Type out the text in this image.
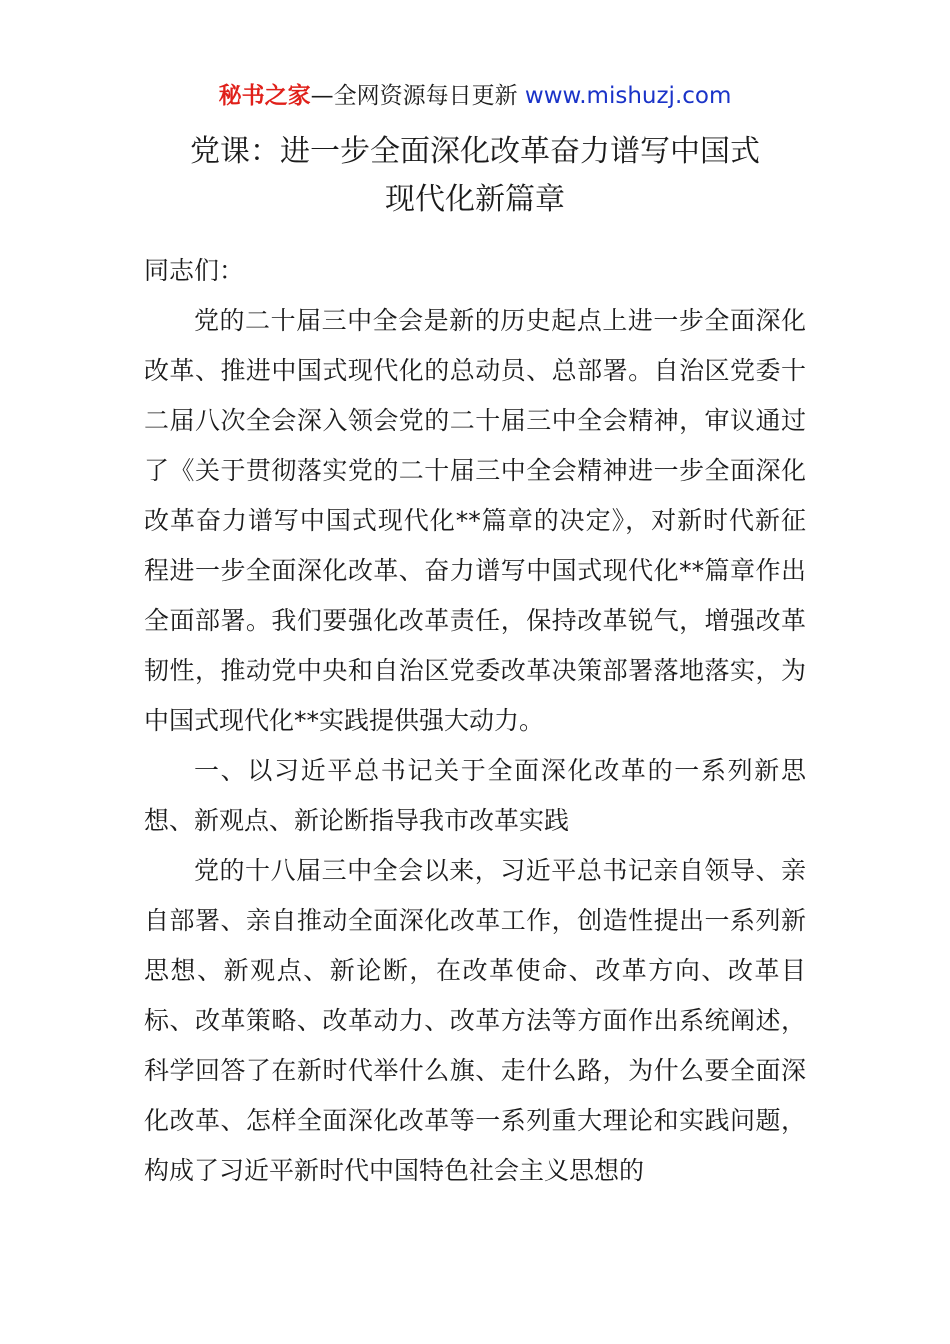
秘书之家—全网资源每日更新 www.mishuzj.com
党课：进一步全面深化改革奋力谱写中国式
现代化新篇章

同志们：

党的二十届三中全会是新的历史起点上进一步全面深化改革、推进中国式现代化的总动员、总部署。自治区党委十二届八次全会深入领会党的二十届三中全会精神，审议通过了《关于贯彻落实党的二十届三中全会精神进一步全面深化改革奋力谱写中国式现代化**篇章的决定》，对新时代新征程进一步全面深化改革、奋力谱写中国式现代化**篇章作出全面部署。我们要强化改革责任，保持改革锐气，增强改革韧性，推动党中央和自治区党委改革决策部署落地落实，为中国式现代化**实践提供强大动力。

一、以习近平总书记关于全面深化改革的一系列新思想、新观点、新论断指导我市改革实践

党的十八届三中全会以来，习近平总书记亲自领导、亲自部署、亲自推动全面深化改革工作，创造性提出一系列新思想、新观点、新论断，在改革使命、改革方向、改革目标、改革策略、改革动力、改革方法等方面作出系统阐述，科学回答了在新时代举什么旗、走什么路，为什么要全面深化改革、怎样全面深化改革等一系列重大理论和实践问题，构成了习近平新时代中国特色社会主义思想的
